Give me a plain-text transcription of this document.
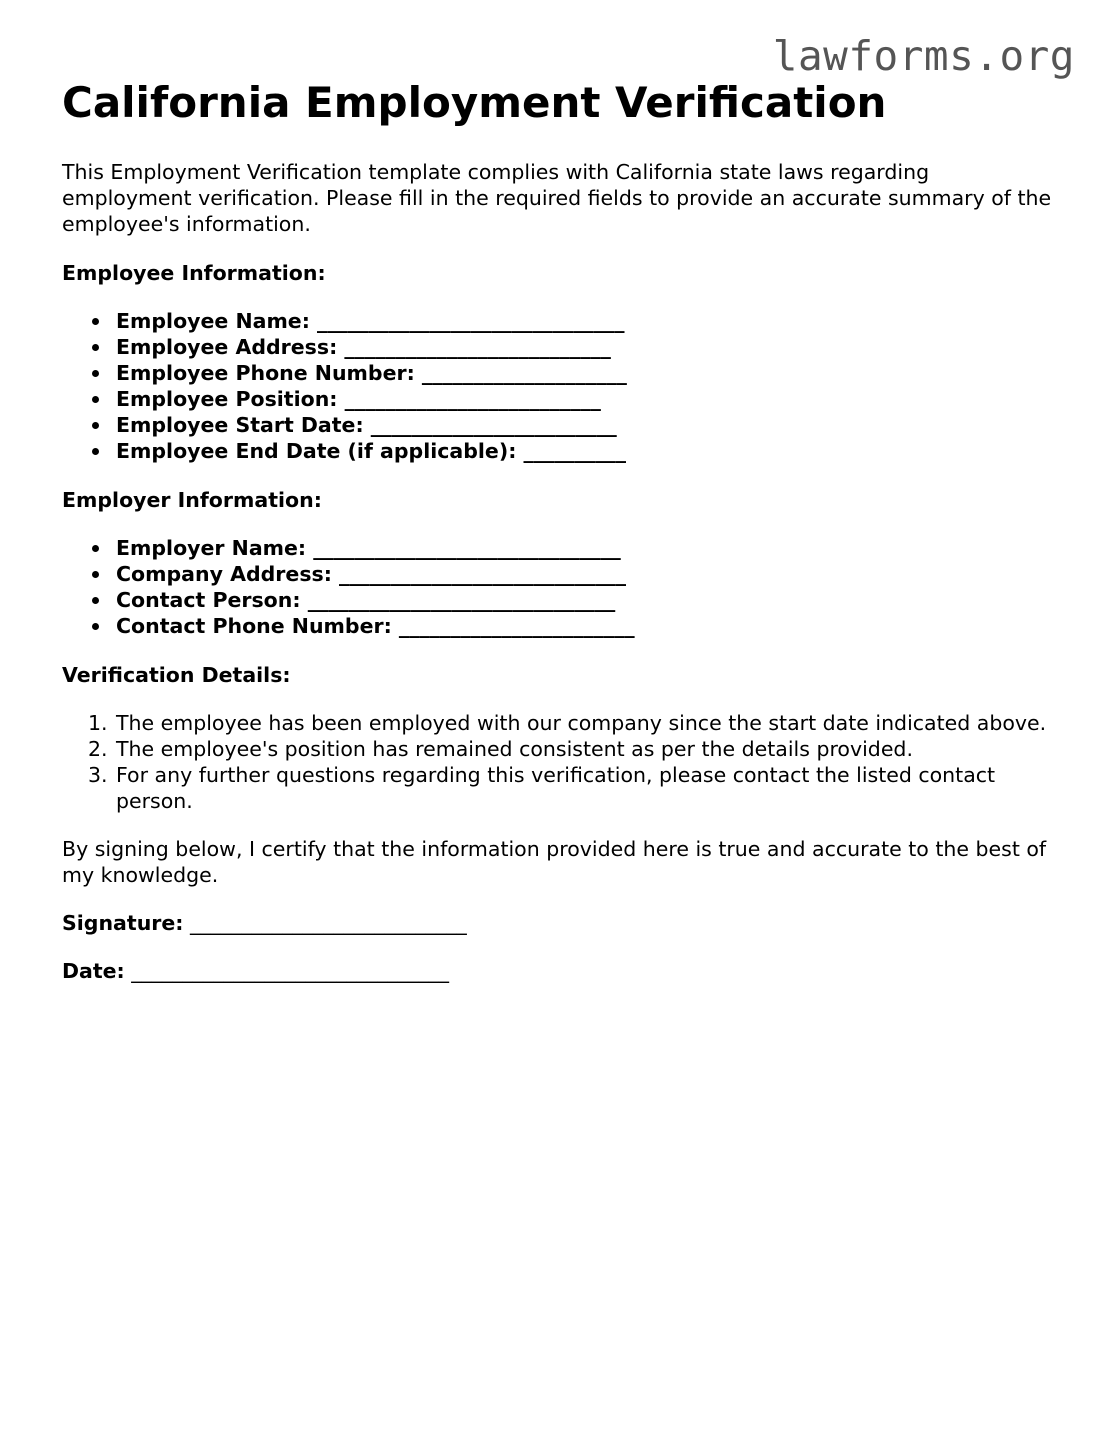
lawforms.org
California Employment Verification

This Employment Verification template complies with California state laws regarding employment verification. Please fill in the required fields to provide an accurate summary of the employee's information.

Employee Information:
Employee Name: ______________________________
Employee Address: __________________________
Employee Phone Number: ____________________
Employee Position: _________________________
Employee Start Date: ________________________
Employee End Date (if applicable): __________
Employer Information:
Employer Name: ______________________________
Company Address: ____________________________
Contact Person: ______________________________
Contact Phone Number: _______________________
Verification Details:
1. The employee has been employed with our company since the start date indicated above.
2. The employee's position has remained consistent as per the details provided.
3. For any further questions regarding this verification, please contact the listed contact person.

By signing below, I certify that the information provided here is true and accurate to the best of my knowledge.

Signature: ___________________________
Date: _______________________________
